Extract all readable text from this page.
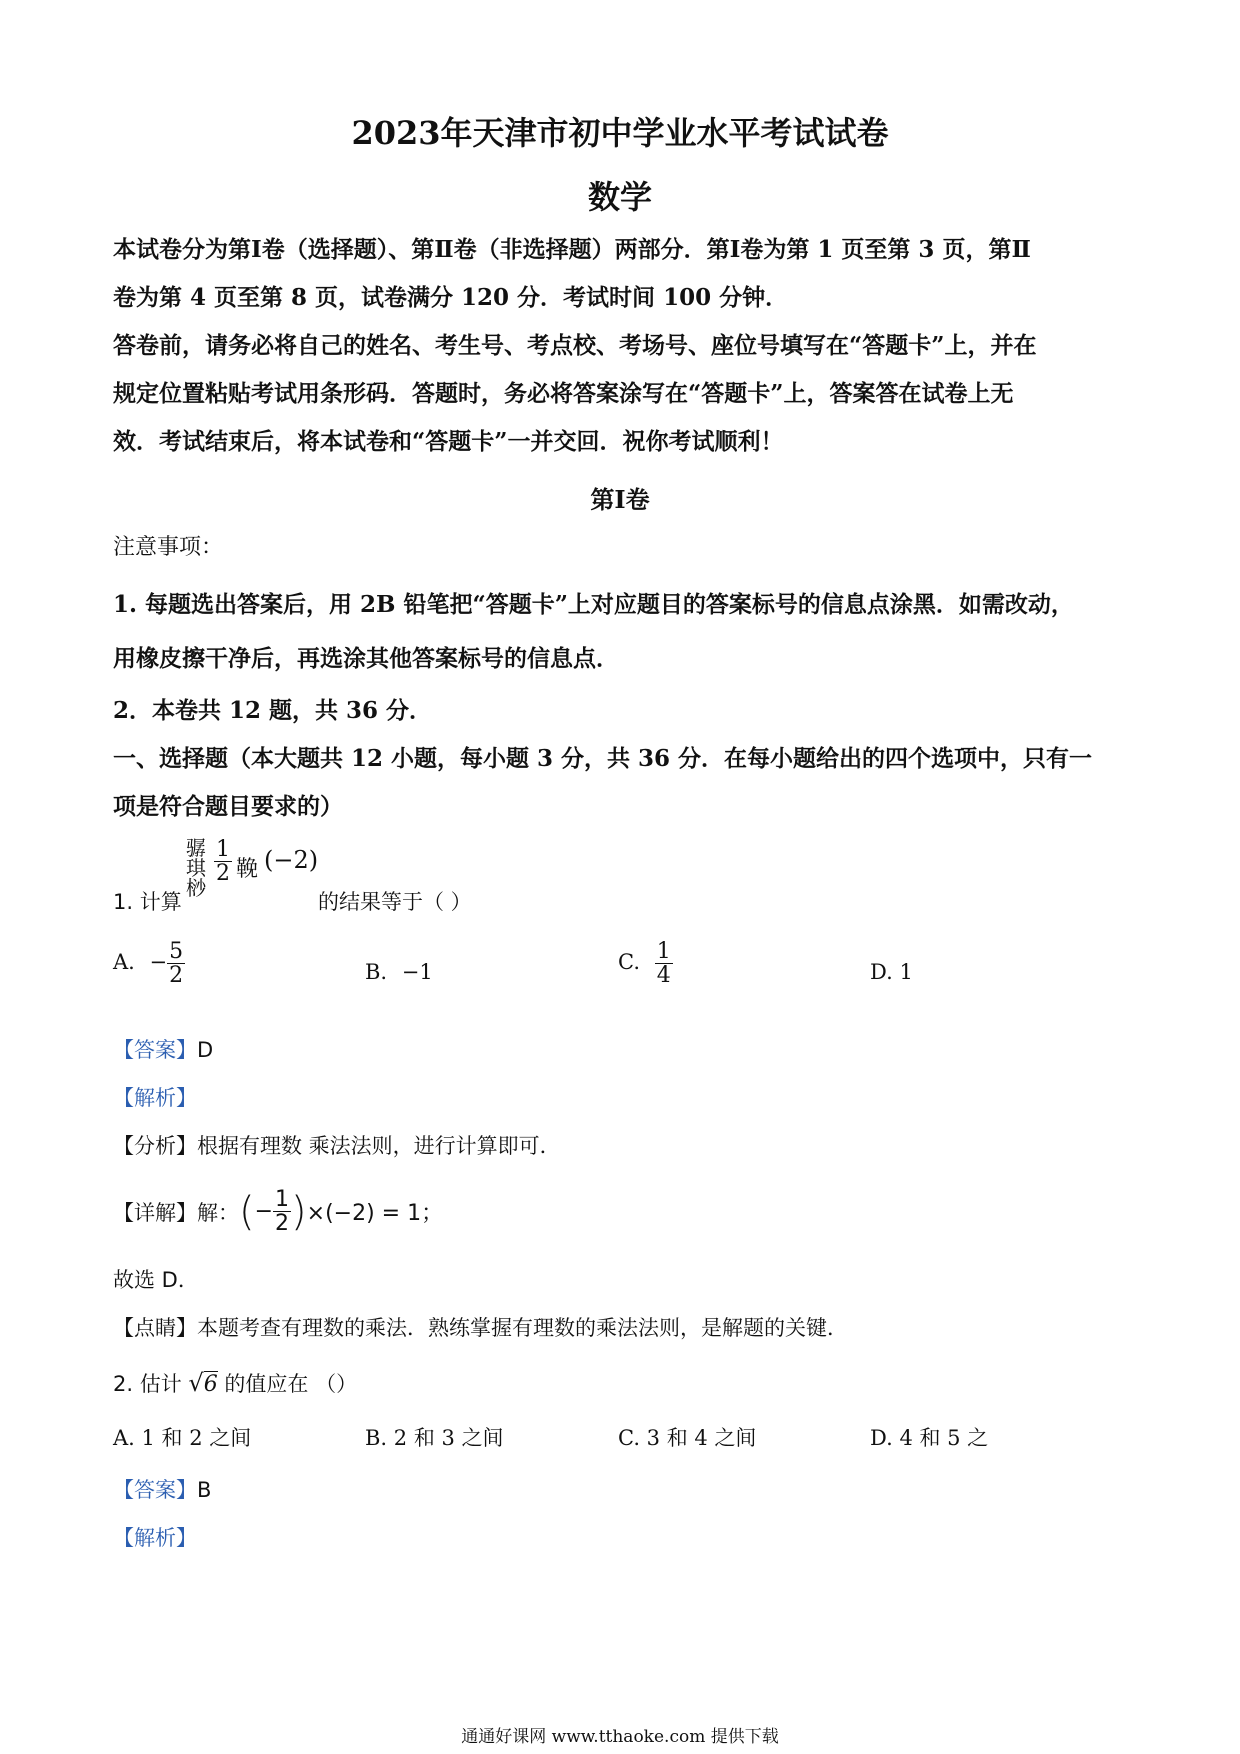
2023年天津市初中学业水平考试试卷
数学
本试卷分为第Ⅰ卷（选择题）、第Ⅱ卷（非选择题）两部分．第Ⅰ卷为第 1 页至第 3 页，第Ⅱ
卷为第 4 页至第 8 页，试卷满分 120 分．考试时间 100 分钟．
答卷前，请务必将自己的姓名、考生号、考点校、考场号、座位号填写在“答题卡”上，并在
规定位置粘贴考试用条形码．答题时，务必将答案涂写在“答题卡”上，答案答在试卷上无
效．考试结束后，将本试卷和“答题卡”一并交回．祝你考试顺利！
第Ⅰ卷
注意事项：
1. 每题选出答案后，用 2B 铅笔把“答题卡”上对应题目的答案标号的信息点涂黑．如需改动，
用橡皮擦干净后，再选涂其他答案标号的信息点．
2．本卷共 12 题，共 36 分．
一、选择题（本大题共 12 小题，每小题 3 分，共 36 分．在每小题给出的四个选项中，只有一
项是符合题目要求的）
骣
琪
桫
$\frac{1}{2}$ 鞔 (−2)
1. 计算	的结果等于（ ）
A. − $\frac{5}{2}$	B. −1	C. $\frac{1}{4}$	D. 1
【答案】D
【解析】
【分析】根据有理数 乘法法则，进行计算即可．
【详解】 解： ( − $\frac{1}{2}$ ) ×(−2) = 1；
故选 D．
【点睛】本题考查有理数的乘法．熟练掌握有理数的乘法法则，是解题的关键．
2. 估计 √6 的值应在 （）
A. 1 和 2 之间	B. 2 和 3 之间	C. 3 和 4 之间	D. 4 和 5 之
【答案】B
【解析】
通通好课网 www.tthaoke.com 提供下载
